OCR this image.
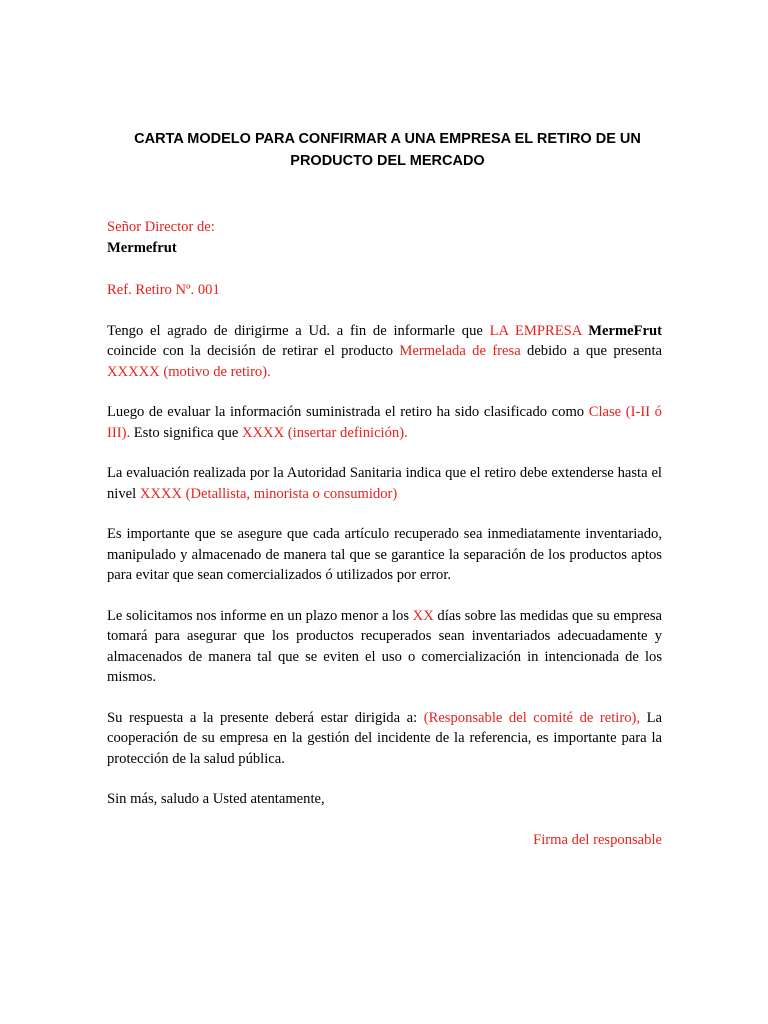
CARTA MODELO PARA CONFIRMAR A UNA EMPRESA EL RETIRO DE UN PRODUCTO DEL MERCADO

Señor Director de:

Mermefrut

Ref. Retiro Nº. 001

Tengo el agrado de dirigirme a Ud. a fin de informarle que LA EMPRESA MermeFrut coincide con la decisión de retirar el producto Mermelada de fresa debido a que presenta XXXXX (motivo de retiro).

Luego de evaluar la información suministrada el retiro ha sido clasificado como Clase (I-II ó III). Esto significa que XXXX (insertar definición).

La evaluación realizada por la Autoridad Sanitaria indica que el retiro debe extenderse hasta el nivel XXXX (Detallista, minorista o consumidor)

Es importante que se asegure que cada artículo recuperado sea inmediatamente inventariado, manipulado y almacenado de manera tal que se garantice la separación de los productos aptos para evitar que sean comercializados ó utilizados por error.

Le solicitamos nos informe en un plazo menor a los XX días sobre las medidas que su empresa tomará para asegurar que los productos recuperados sean inventariados adecuadamente y almacenados de manera tal que se eviten el uso o comercialización in intencionada de los mismos.

Su respuesta a la presente deberá estar dirigida a: (Responsable del comité de retiro), La cooperación de su empresa en la gestión del incidente de la referencia, es importante para la protección de la salud pública.

Sin más, saludo a Usted atentamente,

Firma del responsable
